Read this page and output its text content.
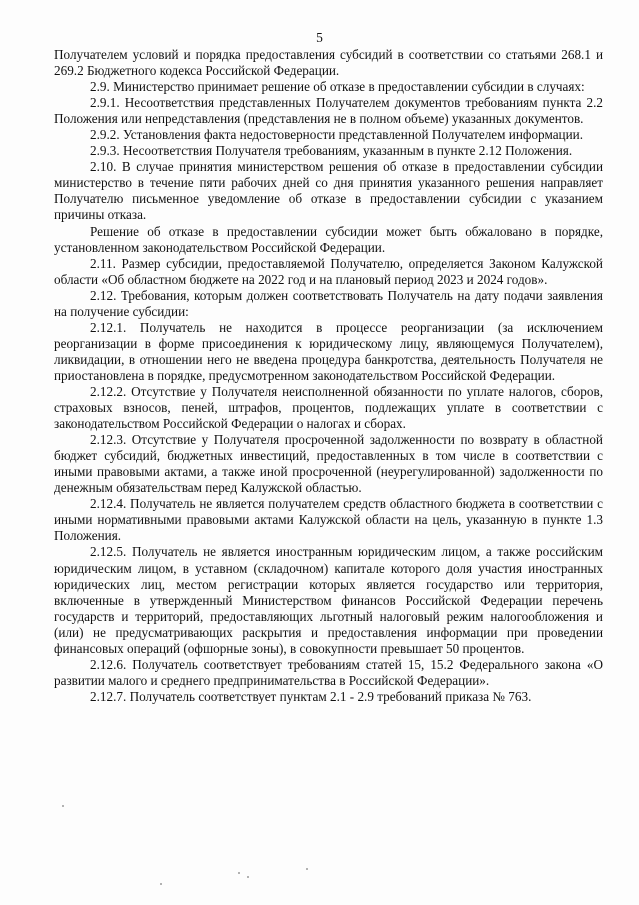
5

Получателем условий и порядка предоставления субсидий в соответствии со статьями 268.1 и 269.2 Бюджетного кодекса Российской Федерации.

2.9. Министерство принимает решение об отказе в предоставлении субсидии в случаях:

2.9.1. Несоответствия представленных Получателем документов требованиям пункта 2.2 Положения или непредставления (представления не в полном объеме) указанных документов.

2.9.2. Установления факта недостоверности представленной Получателем информации.

2.9.3. Несоответствия Получателя требованиям, указанным в пункте 2.12 Положения.

2.10. В случае принятия министерством решения об отказе в предоставлении субсидии министерство в течение пяти рабочих дней со дня принятия указанного решения направляет Получателю письменное уведомление об отказе в предоставлении субсидии с указанием причины отказа.

Решение об отказе в предоставлении субсидии может быть обжаловано в порядке, установленном законодательством Российской Федерации.

2.11. Размер субсидии, предоставляемой Получателю, определяется Законом Калужской области «Об областном бюджете на 2022 год и на плановый период 2023 и 2024 годов».

2.12. Требования, которым должен соответствовать Получатель на дату подачи заявления на получение субсидии:

2.12.1. Получатель не находится в процессе реорганизации (за исключением реорганизации в форме присоединения к юридическому лицу, являющемуся Получателем), ликвидации, в отношении него не введена процедура банкротства, деятельность Получателя не приостановлена в порядке, предусмотренном законодательством Российской Федерации.

2.12.2. Отсутствие у Получателя неисполненной обязанности по уплате налогов, сборов, страховых взносов, пеней, штрафов, процентов, подлежащих уплате в соответствии с законодательством Российской Федерации о налогах и сборах.

2.12.3. Отсутствие у Получателя просроченной задолженности по возврату в областной бюджет субсидий, бюджетных инвестиций, предоставленных в том числе в соответствии с иными правовыми актами, а также иной просроченной (неурегулированной) задолженности по денежным обязательствам перед Калужской областью.

2.12.4. Получатель не является получателем средств областного бюджета в соответствии с иными нормативными правовыми актами Калужской области на цель, указанную в пункте 1.3 Положения.

2.12.5. Получатель не является иностранным юридическим лицом, а также российским юридическим лицом, в уставном (складочном) капитале которого доля участия иностранных юридических лиц, местом регистрации которых является государство или территория, включенные в утвержденный Министерством финансов Российской Федерации перечень государств и территорий, предоставляющих льготный налоговый режим налогообложения и (или) не предусматривающих раскрытия и предоставления информации при проведении финансовых операций (офшорные зоны), в совокупности превышает 50 процентов.

2.12.6. Получатель соответствует требованиям статей 15, 15.2 Федерального закона «О развитии малого и среднего предпринимательства в Российской Федерации».

2.12.7. Получатель соответствует пунктам 2.1 - 2.9 требований приказа № 763.
